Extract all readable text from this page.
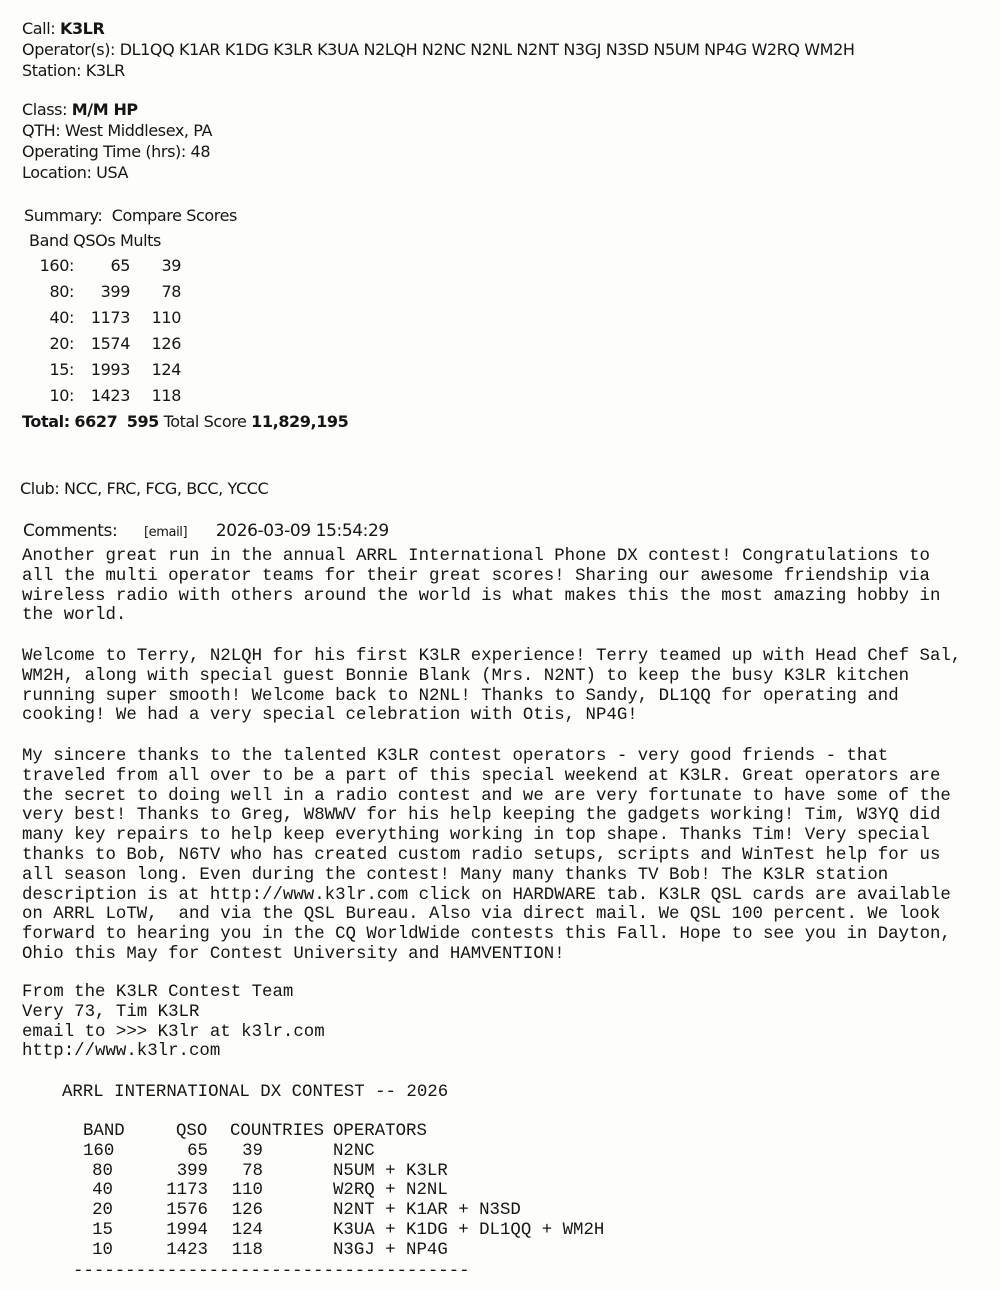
Call: K3LR
Operator(s): DL1QQ K1AR K1DG K3LR K3UA N2LQH N2NC N2NL N2NT N3GJ N3SD N5UM NP4G W2RQ WM2H
Station: K3LR
Class: M/M HP
QTH: West Middlesex, PA
Operating Time (hrs): 48
Location: USA
Summary: Compare Scores
Band QSOs Mults
160:	65	39
80:	399	78
40:	1173	110
20:	1574	126
15:	1993	124
10:	1423	118
Total: 6627 595 Total Score 11,829,195
Club: NCC, FRC, FCG, BCC, YCCC
Comments: [email] 2026-03-09 15:54:29
Another great run in the annual ARRL International Phone DX contest! Congratulations to
all the multi operator teams for their great scores! Sharing our awesome friendship via
wireless radio with others around the world is what makes this the most amazing hobby in
the world.
Welcome to Terry, N2LQH for his first K3LR experience! Terry teamed up with Head Chef Sal,
WM2H, along with special guest Bonnie Blank (Mrs. N2NT) to keep the busy K3LR kitchen
running super smooth! Welcome back to N2NL! Thanks to Sandy, DL1QQ for operating and
cooking! We had a very special celebration with Otis, NP4G!
My sincere thanks to the talented K3LR contest operators - very good friends - that
traveled from all over to be a part of this special weekend at K3LR. Great operators are
the secret to doing well in a radio contest and we are very fortunate to have some of the
very best! Thanks to Greg, W8WWV for his help keeping the gadgets working! Tim, W3YQ did
many key repairs to help keep everything working in top shape. Thanks Tim! Very special
thanks to Bob, N6TV who has created custom radio setups, scripts and WinTest help for us
all season long. Even during the contest! Many many thanks TV Bob! The K3LR station
description is at http://www.k3lr.com click on HARDWARE tab. K3LR QSL cards are available
on ARRL LoTW,  and via the QSL Bureau. Also via direct mail. We QSL 100 percent. We look
forward to hearing you in the CQ WorldWide contests this Fall. Hope to see you in Dayton,
Ohio this May for Contest University and HAMVENTION!
From the K3LR Contest Team
Very 73, Tim K3LR
email to >>> K3lr at k3lr.com
http://www.k3lr.com
ARRL INTERNATIONAL DX CONTEST -- 2026
BAND	QSO COUNTRIES OPERATORS
160	65	39	N2NC
80	399	78	N5UM + K3LR
40	1173	110	W2RQ + N2NL
20	1576	126	N2NT + K1AR + N3SD
15	1994	124	K3UA + K1DG + DL1QQ + WM2H
10	1423	118	N3GJ + NP4G
--------------------------------------
